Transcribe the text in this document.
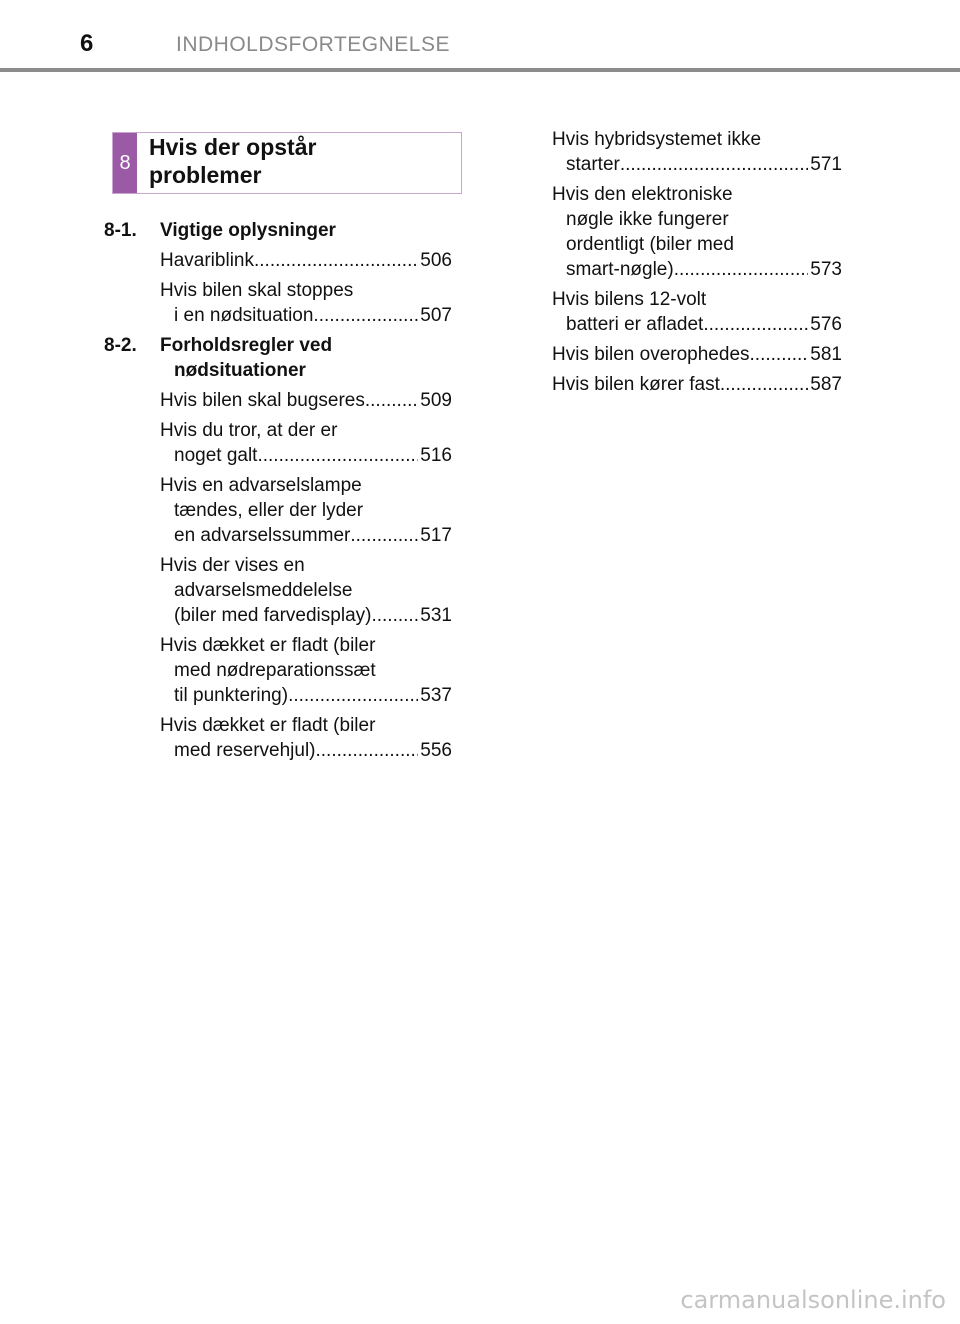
6	INDHOLDSFORTEGNELSE
8
Hvis der opstår
problemer
8-1. Vigtige oplysninger
Havariblink .....	506
Hvis bilen skal stoppes
i en nødsituation .....	507
8-2. Forholdsregler ved
nødsituationer
Hvis bilen skal bugseres .....	509
Hvis du tror, at der er
noget galt .....	516
Hvis en advarselslampe
tændes, eller der lyder
en advarselssummer .....	517
Hvis der vises en
advarselsmeddelelse
(biler med farvedisplay) .....	531
Hvis dækket er fladt (biler
med nødreparationssæt
til punktering) .....	537
Hvis dækket er fladt (biler
med reservehjul) .....	556
Hvis hybridsystemet ikke
starter .....	571
Hvis den elektroniske
nøgle ikke fungerer
ordentligt (biler med
smart-nøgle) .....	573
Hvis bilens 12-volt
batteri er afladet .....	576
Hvis bilen overophedes .....	581
Hvis bilen kører fast .....	587
carmanualsonline.info
